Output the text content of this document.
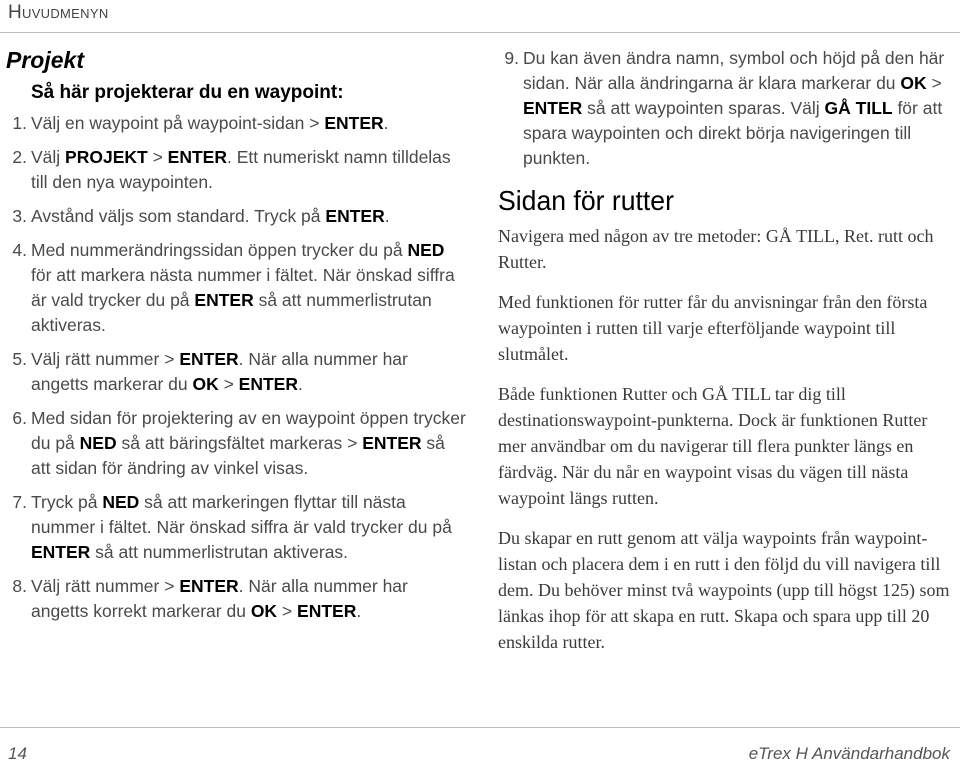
Huvudmenyn
Projekt
Så här projekterar du en waypoint:
1. Välj en waypoint på waypoint-sidan > ENTER.
2. Välj PROJEKT > ENTER. Ett numeriskt namn tilldelas till den nya waypointen.
3. Avstånd väljs som standard. Tryck på ENTER.
4. Med nummerändringssidan öppen trycker du på NED för att markera nästa nummer i fältet. När önskad siffra är vald trycker du på ENTER så att nummerlistrutan aktiveras.
5. Välj rätt nummer > ENTER. När alla nummer har angetts markerar du OK > ENTER.
6. Med sidan för projektering av en waypoint öppen trycker du på NED så att bäringsfältet markeras > ENTER så att sidan för ändring av vinkel visas.
7. Tryck på NED så att markeringen flyttar till nästa nummer i fältet. När önskad siffra är vald trycker du på ENTER så att nummerlistrutan aktiveras.
8. Välj rätt nummer > ENTER. När alla nummer har angetts korrekt markerar du OK > ENTER.
9. Du kan även ändra namn, symbol och höjd på den här sidan. När alla ändringarna är klara markerar du OK > ENTER så att waypointen sparas. Välj GÅ TILL för att spara waypointen och direkt börja navigeringen till punkten.
Sidan för rutter
Navigera med någon av tre metoder: GÅ TILL, Ret. rutt och Rutter.
Med funktionen för rutter får du anvisningar från den första waypointen i rutten till varje efterföljande waypoint till slutmålet.
Både funktionen Rutter och GÅ TILL tar dig till destinationswaypoint-punkterna. Dock är funktionen Rutter mer användbar om du navigerar till flera punkter längs en färdväg. När du når en waypoint visas du vägen till nästa waypoint längs rutten.
Du skapar en rutt genom att välja waypoints från waypoint-listan och placera dem i en rutt i den följd du vill navigera till dem. Du behöver minst två waypoints (upp till högst 125) som länkas ihop för att skapa en rutt. Skapa och spara upp till 20 enskilda rutter.
14	eTrex H Användarhandbok
